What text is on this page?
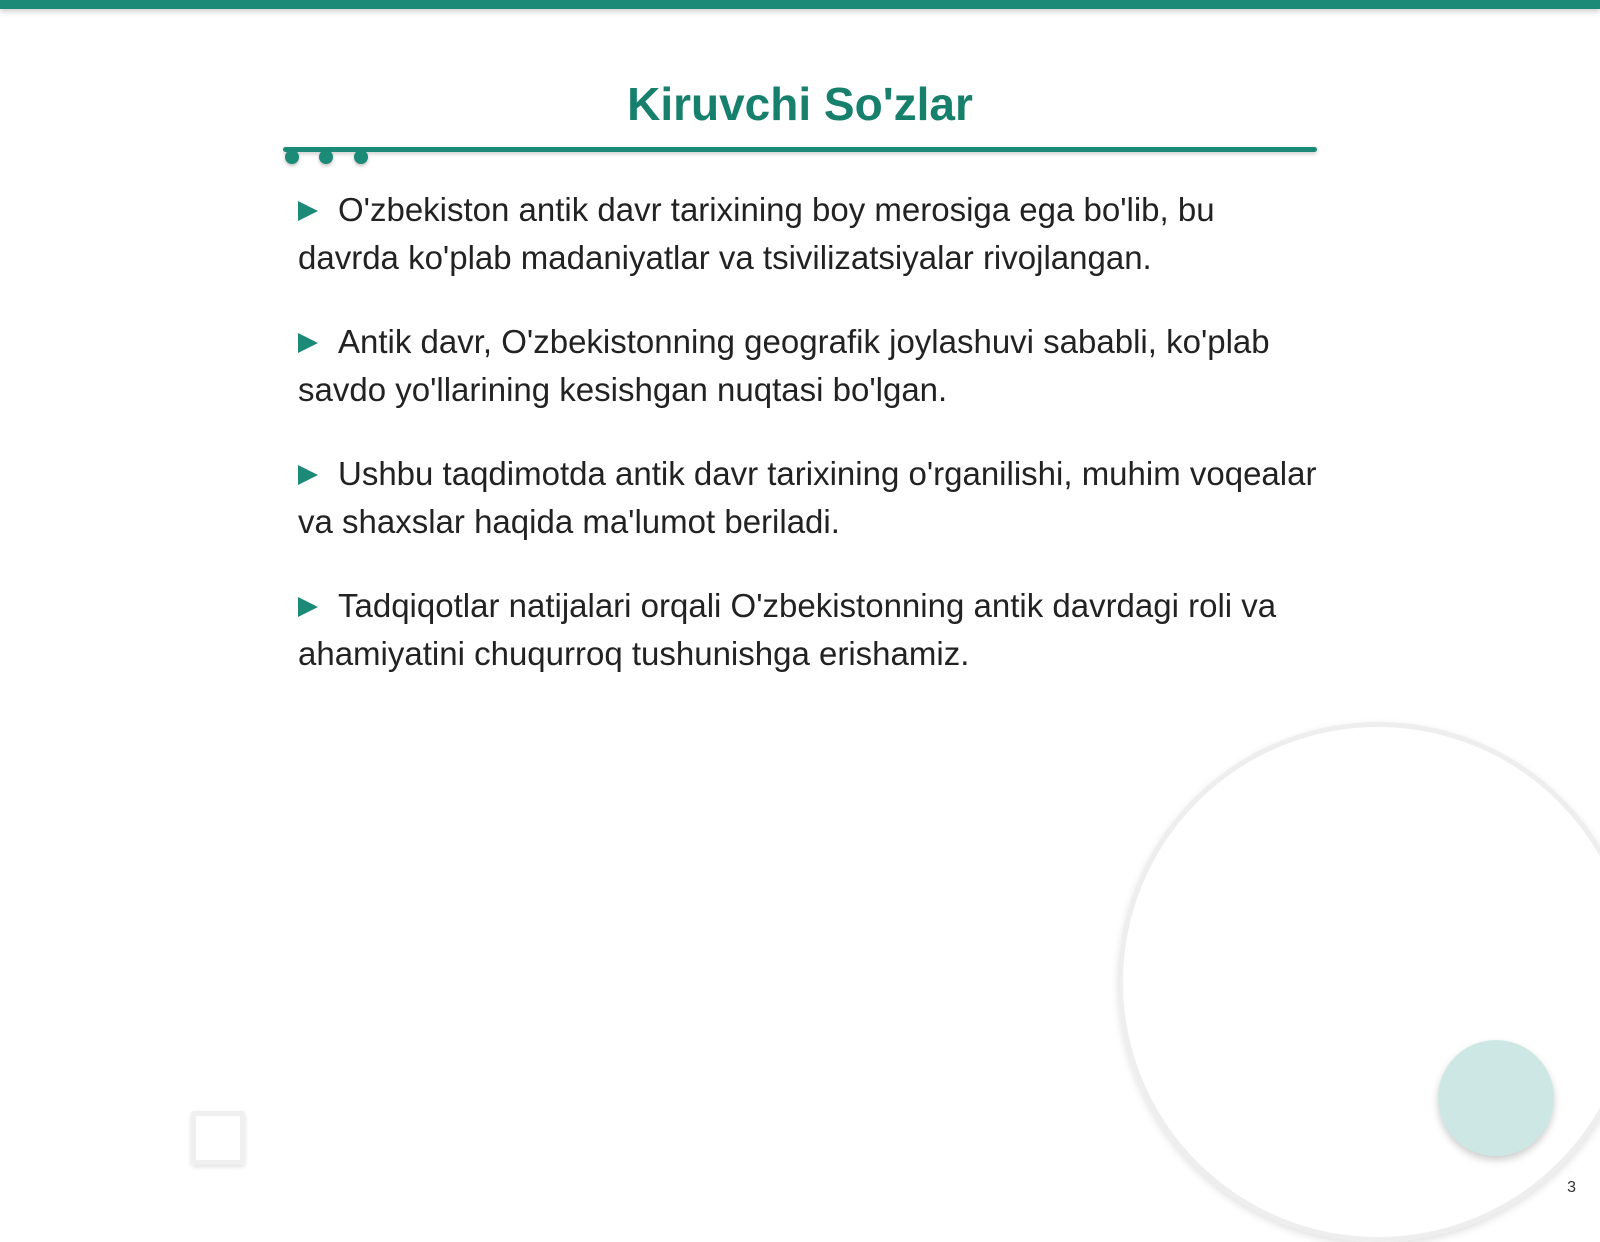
Kiruvchi So'zlar
O'zbekiston antik davr tarixining boy merosiga ega bo'lib, bu davrda ko'plab madaniyatlar va tsivilizatsiyalar rivojlangan.
Antik davr, O'zbekistonning geografik joylashuvi sababli, ko'plab savdo yo'llarining kesishgan nuqtasi bo'lgan.
Ushbu taqdimotda antik davr tarixining o'rganilishi, muhim voqealar va shaxslar haqida ma'lumot beriladi.
Tadqiqotlar natijalari orqali O'zbekistonning antik davrdagi roli va ahamiyatini chuqurroq tushunishga erishamiz.
3
